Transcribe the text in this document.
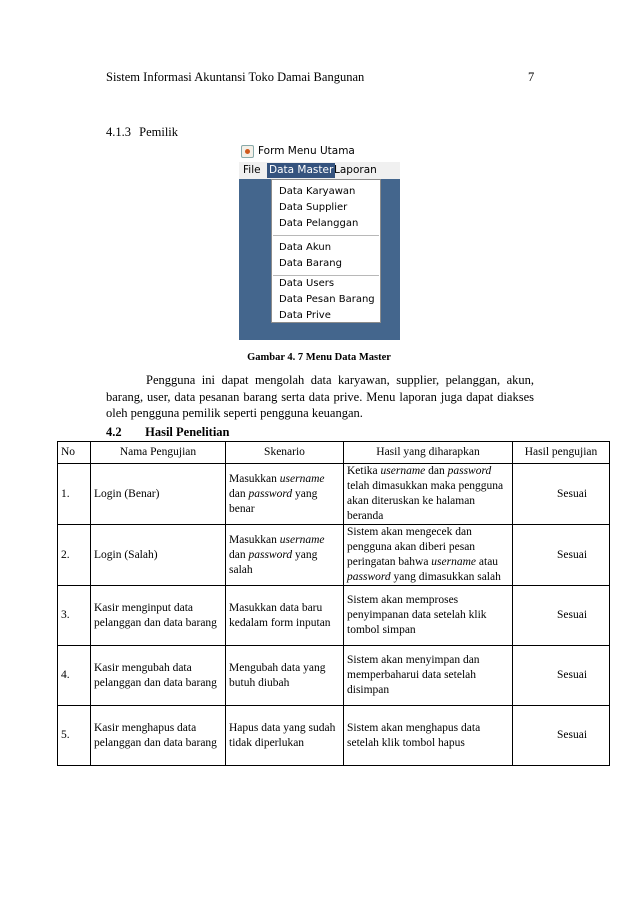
Sistem Informasi Akuntansi Toko Damai Bangunan	7
4.1.3 Pemilik
Form Menu Utama
File Data Master Laporan
Data Karyawan
Data Supplier
Data Pelanggan
Data Akun
Data Barang
Data Users
Data Pesan Barang
Data Prive
Gambar 4. 7 Menu Data Master
Pengguna ini dapat mengolah data karyawan, supplier, pelanggan, akun, barang, user, data pesanan barang serta data prive. Menu laporan juga dapat diakses oleh pengguna pemilik seperti pengguna keuangan.
4.2 Hasil Penelitian
No	Nama Pengujian	Skenario	Hasil yang diharapkan	Hasil pengujian
1.	Login (Benar)	Masukkan username dan password yang benar	Ketika username dan password telah dimasukkan maka pengguna akan diteruskan ke halaman beranda	Sesuai
2.	Login (Salah)	Masukkan username dan password yang salah	Sistem akan mengecek dan pengguna akan diberi pesan peringatan bahwa username atau password yang dimasukkan salah	Sesuai
3.	Kasir menginput data pelanggan dan data barang	Masukkan data baru kedalam form inputan	Sistem akan memproses penyimpanan data setelah klik tombol simpan	Sesuai
4.	Kasir mengubah data pelanggan dan data barang	Mengubah data yang butuh diubah	Sistem akan menyimpan dan memperbaharui data setelah disimpan	Sesuai
5.	Kasir menghapus data pelanggan dan data barang	Hapus data yang sudah tidak diperlukan	Sistem akan menghapus data setelah klik tombol hapus	Sesuai
